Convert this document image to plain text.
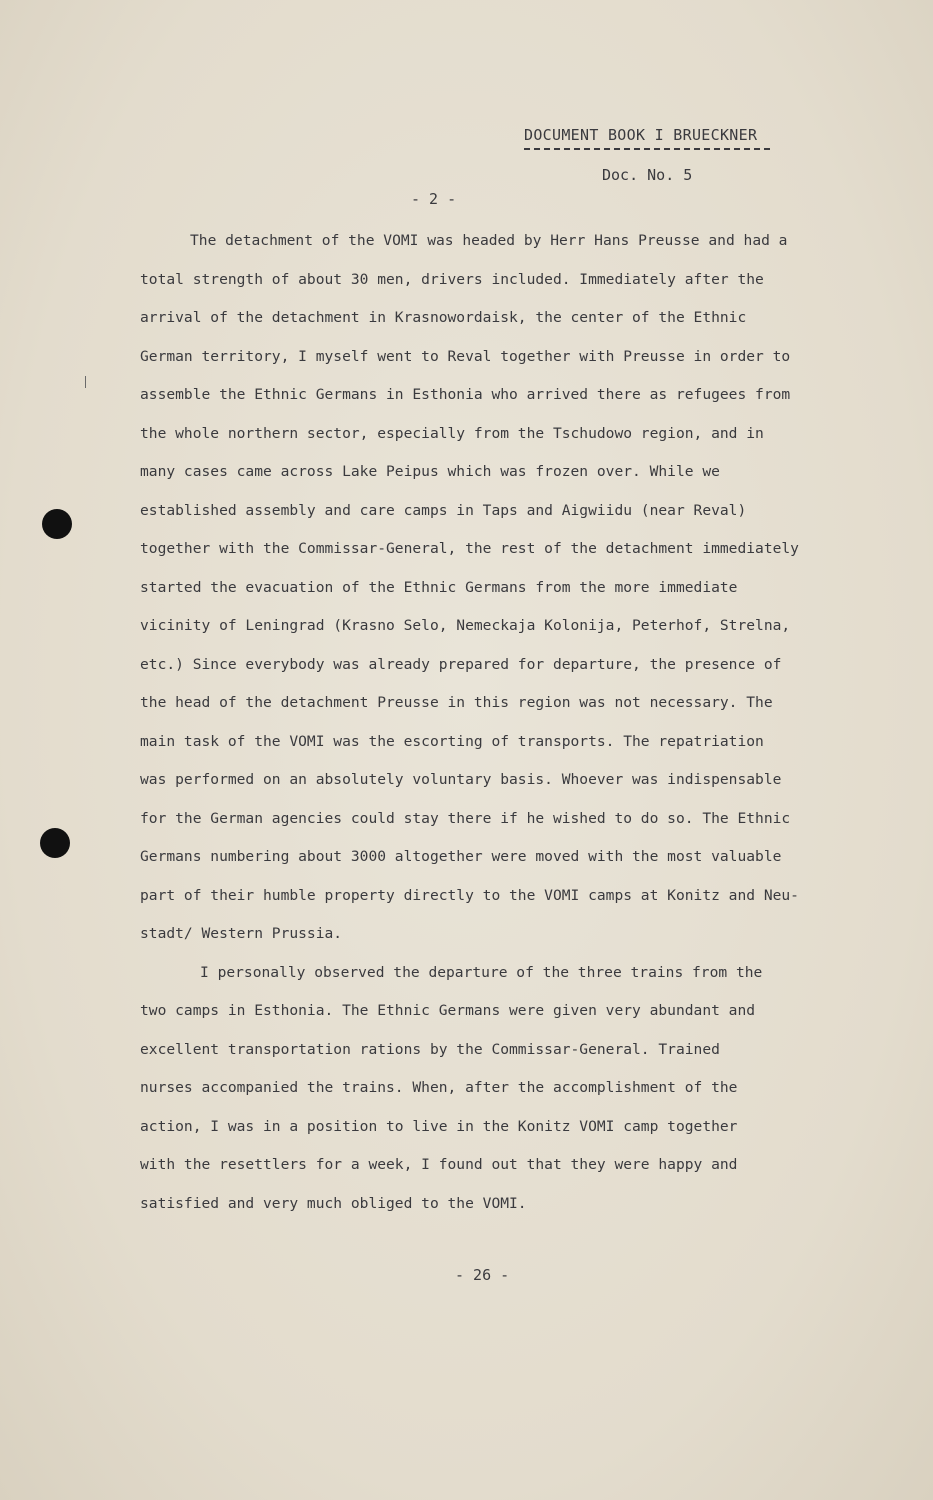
DOCUMENT BOOK I BRUECKNER
Doc. No. 5
- 2 -
The detachment of the VOMI was headed by Herr Hans Preusse and had a
total strength of about 30 men, drivers included. Immediately after the
arrival of the detachment in Krasnowordaisk, the center of the Ethnic
German territory, I myself went to Reval together with Preusse in order to
assemble the Ethnic Germans in Esthonia who arrived there as refugees from
the whole northern sector, especially from the Tschudowo region, and in
many cases came across Lake Peipus which was frozen over. While we
established assembly and care camps in Taps and Aigwiidu (near Reval)
together with the Commissar-General, the rest of the detachment immediately
started the evacuation of the Ethnic Germans from the more immediate
vicinity of Leningrad (Krasno Selo, Nemeckaja Kolonija, Peterhof, Strelna,
etc.) Since everybody was already prepared for departure, the presence of
the head of the detachment Preusse in this region was not necessary. The
main task of the VOMI was the escorting of transports. The repatriation
was performed on an absolutely voluntary basis. Whoever was indispensable
for the German agencies could stay there if he wished to do so. The Ethnic
Germans numbering about 3000 altogether were moved with the most valuable
part of their humble property directly to the VOMI camps at Konitz and Neu-
stadt/ Western Prussia.
I personally observed the departure of the three trains from the
two camps in Esthonia. The Ethnic Germans were given very abundant and
excellent transportation rations by the Commissar-General. Trained
nurses accompanied the trains. When, after the accomplishment of the
action, I was in a position to live in the Konitz VOMI camp together
with the resettlers for a week, I found out that they were happy and
satisfied and very much obliged to the VOMI.
- 26 -
